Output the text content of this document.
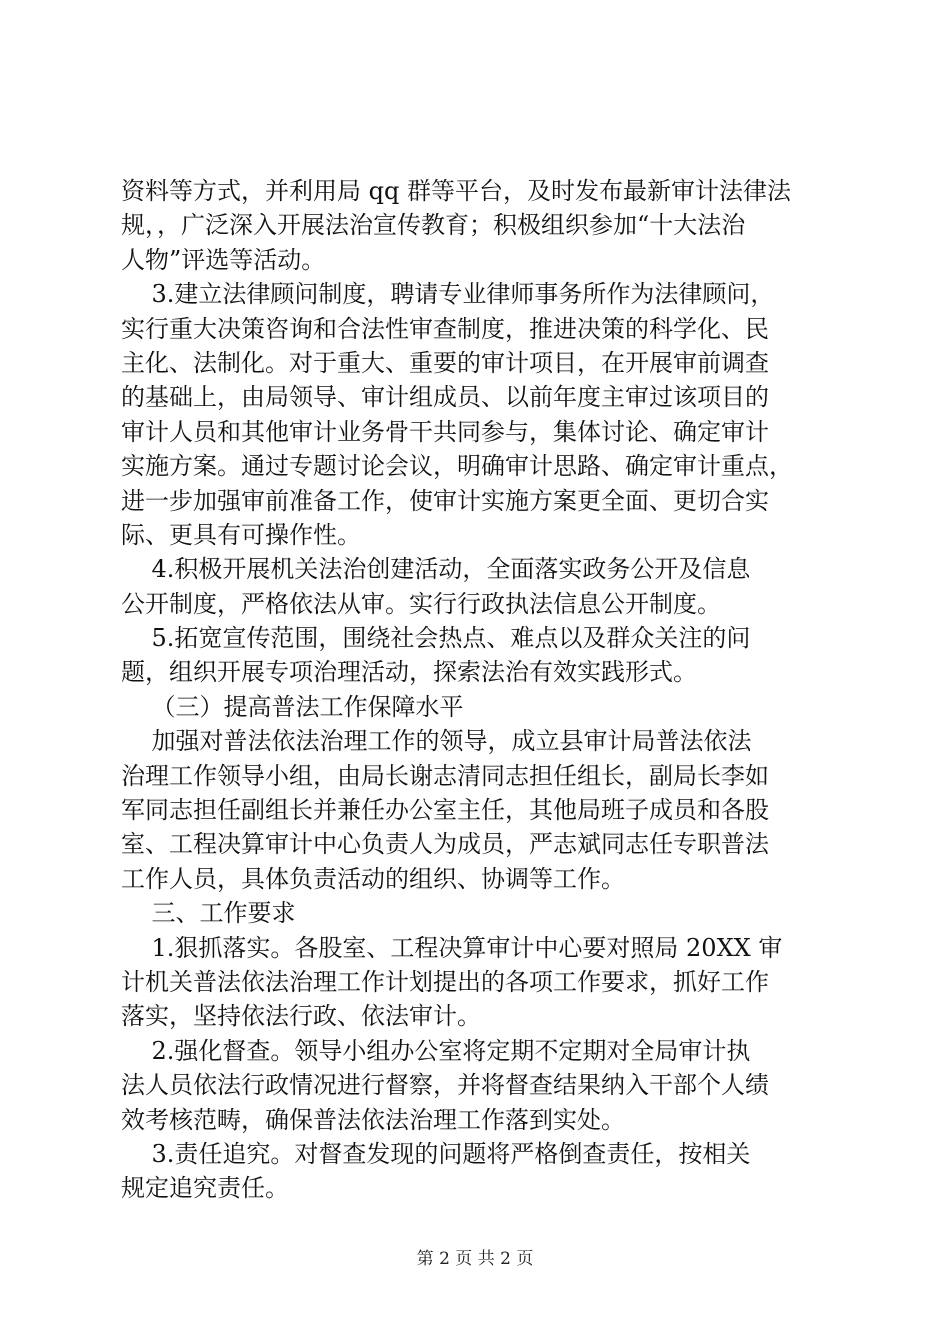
资料等方式，并利用局 qq 群等平台，及时发布最新审计法律法
规，，广泛深入开展法治宣传教育；积极组织参加“十大法治
人物”评选等活动。
3.建立法律顾问制度，聘请专业律师事务所作为法律顾问，
实行重大决策咨询和合法性审查制度，推进决策的科学化、民
主化、法制化。对于重大、重要的审计项目，在开展审前调查
的基础上，由局领导、审计组成员、以前年度主审过该项目的
审计人员和其他审计业务骨干共同参与，集体讨论、确定审计
实施方案。通过专题讨论会议，明确审计思路、确定审计重点，
进一步加强审前准备工作，使审计实施方案更全面、更切合实
际、更具有可操作性。
4.积极开展机关法治创建活动，全面落实政务公开及信息
公开制度，严格依法从审。实行行政执法信息公开制度。
5.拓宽宣传范围，围绕社会热点、难点以及群众关注的问
题，组织开展专项治理活动，探索法治有效实践形式。
（三）提高普法工作保障水平
加强对普法依法治理工作的领导，成立县审计局普法依法
治理工作领导小组，由局长谢志清同志担任组长，副局长李如
军同志担任副组长并兼任办公室主任，其他局班子成员和各股
室、工程决算审计中心负责人为成员，严志斌同志任专职普法
工作人员，具体负责活动的组织、协调等工作。
三、工作要求
1.狠抓落实。各股室、工程决算审计中心要对照局 20XX 审
计机关普法依法治理工作计划提出的各项工作要求，抓好工作
落实，坚持依法行政、依法审计。
2.强化督查。领导小组办公室将定期不定期对全局审计执
法人员依法行政情况进行督察，并将督查结果纳入干部个人绩
效考核范畴，确保普法依法治理工作落到实处。
3.责任追究。对督查发现的问题将严格倒查责任，按相关
规定追究责任。
第 2 页 共 2 页
